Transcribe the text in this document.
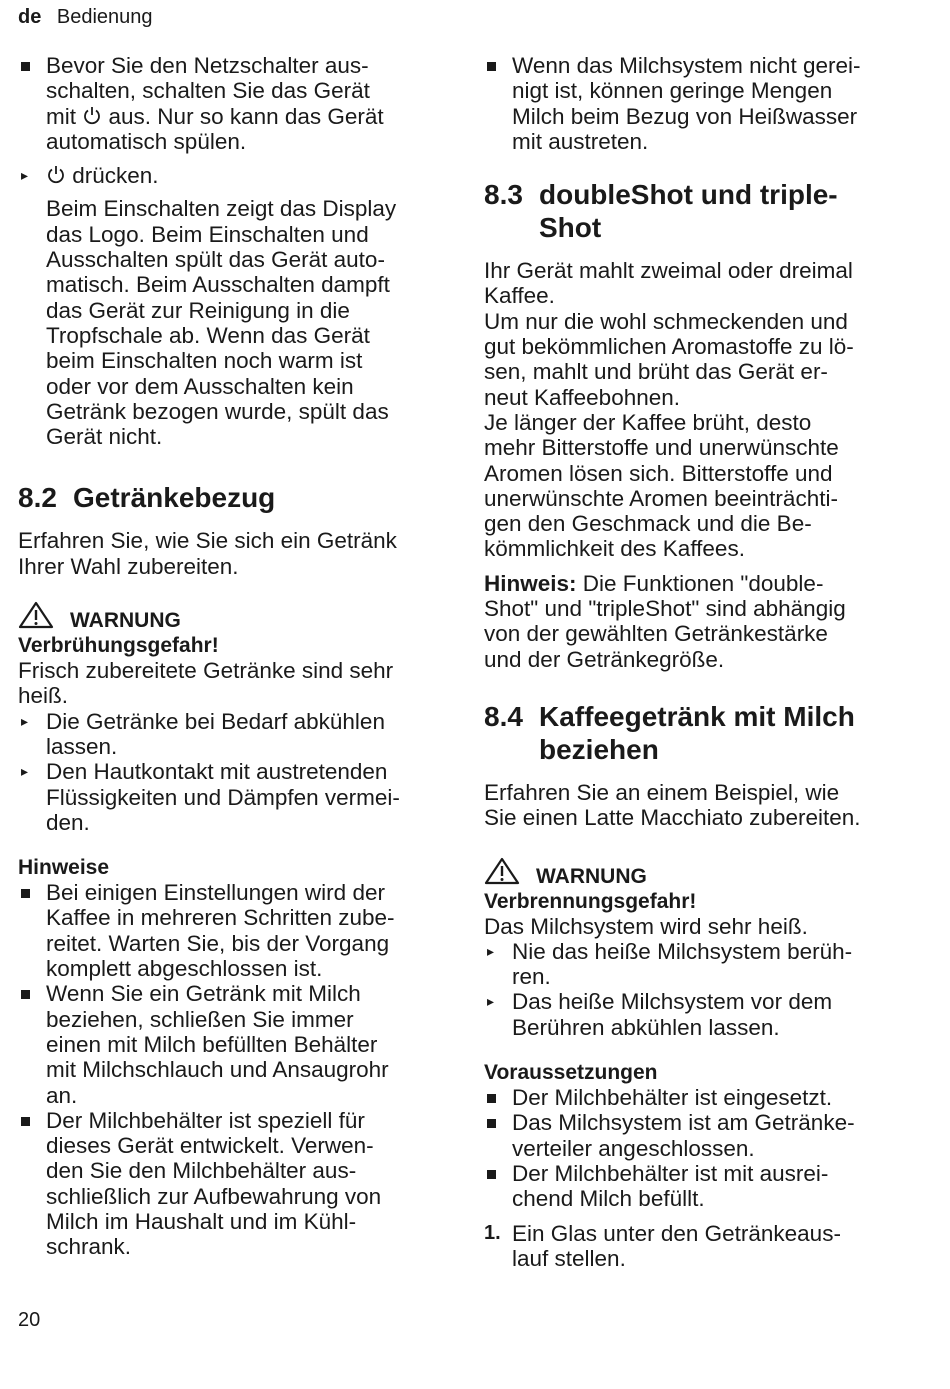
de Bedienung
Bevor Sie den Netzschalter aus-
schalten, schalten Sie das Gerät
mit aus. Nur so kann das Gerät
automatisch spülen.
▸ drücken.
Beim Einschalten zeigt das Display
das Logo. Beim Einschalten und
Ausschalten spült das Gerät auto-
matisch. Beim Ausschalten dampft
das Gerät zur Reinigung in die
Tropfschale ab. Wenn das Gerät
beim Einschalten noch warm ist
oder vor dem Ausschalten kein
Getränk bezogen wurde, spült das
Gerät nicht.
8.2 Getränkebezug

Erfahren Sie, wie Sie sich ein Getränk

Ihrer Wahl zubereiten.

WARNUNG
Verbrühungsgefahr!

Frisch zubereitete Getränke sind sehr

heiß.

▸ Die Getränke bei Bedarf abkühlen
lassen.
▸ Den Hautkontakt mit austretenden
Flüssigkeiten und Dämpfen vermei-
den.
Hinweise
Bei einigen Einstellungen wird der
Kaffee in mehreren Schritten zube-
reitet. Warten Sie, bis der Vorgang
komplett abgeschlossen ist.
Wenn Sie ein Getränk mit Milch
beziehen, schließen Sie immer
einen mit Milch befüllten Behälter
mit Milchschlauch und Ansaugrohr
an.
Der Milchbehälter ist speziell für
dieses Gerät entwickelt. Verwen-
den Sie den Milchbehälter aus-
schließlich zur Aufbewahrung von
Milch im Haushalt und im Kühl-
schrank.
Wenn das Milchsystem nicht gerei-
nigt ist, können geringe Mengen
Milch beim Bezug von Heißwasser
mit austreten.
8.3 doubleShot und triple-
Shot

Ihr Gerät mahlt zweimal oder dreimal

Kaffee.

Um nur die wohl schmeckenden und

gut bekömmlichen Aromastoffe zu lö-

sen, mahlt und brüht das Gerät er-

neut Kaffeebohnen.

Je länger der Kaffee brüht, desto

mehr Bitterstoffe und unerwünschte

Aromen lösen sich. Bitterstoffe und

unerwünschte Aromen beeinträchti-

gen den Geschmack und die Be-

kömmlichkeit des Kaffees.

Hinweis: Die Funktionen "double-

Shot" und "tripleShot" sind abhängig

von der gewählten Getränkestärke

und der Getränkegröße.

8.4 Kaffeegetränk mit Milch
beziehen

Erfahren Sie an einem Beispiel, wie

Sie einen Latte Macchiato zubereiten.

WARNUNG
Verbrennungsgefahr!

Das Milchsystem wird sehr heiß.

▸ Nie das heiße Milchsystem berüh-
ren.
▸ Das heiße Milchsystem vor dem
Berühren abkühlen lassen.
Voraussetzungen
Der Milchbehälter ist eingesetzt.
Das Milchsystem ist am Getränke-
verteiler angeschlossen.
Der Milchbehälter ist mit ausrei-
chend Milch befüllt.
1. Ein Glas unter den Getränkeaus-
lauf stellen.
20
